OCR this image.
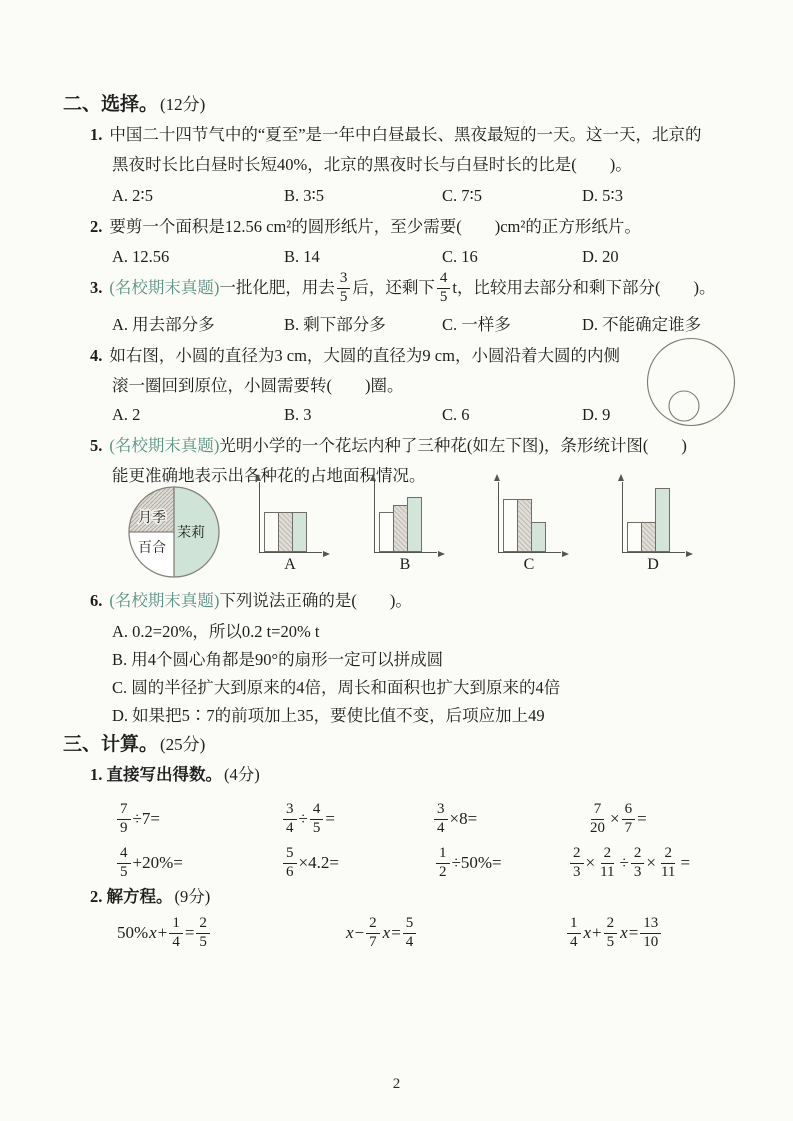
二、选择。 (12分)
1. 中国二十四节气中的“夏至”是一年中白昼最长、黑夜最短的一天。这一天，北京的
黑夜时长比白昼时长短40%，北京的黑夜时长与白昼时长的比是(　　)。
A. 2∶5	B. 3∶5	C. 7∶5	D. 5∶3
2. 要剪一个面积是12.56 cm²的圆形纸片，至少需要(　　)cm²的正方形纸片。
A. 12.56	B. 14	C. 16	D. 20
3. (名校期末真题) 一批化肥，用去 $\frac{3}{5}$ 后，还剩下 $\frac{4}{5}$ t，比较用去部分和剩下部分(　　)。
A. 用去部分多	B. 剩下部分多	C. 一样多	D. 不能确定谁多
4. 如右图，小圆的直径为3 cm，大圆的直径为9 cm，小圆沿着大圆的内侧
滚一圈回到原位，小圆需要转(　　)圈。
A. 2	B. 3	C. 6	D. 9
5. (名校期末真题) 光明小学的一个花坛内种了三种花(如左下图)，条形统计图(　　)
能更准确地表示出各种花的占地面积情况。
月季
百合
茉莉
A	B	C	D
6. (名校期末真题) 下列说法正确的是(　　)。
A. 0.2=20%，所以0.2 t=20% t
B. 用4个圆心角都是90°的扇形一定可以拼成圆
C. 圆的半径扩大到原来的4倍，周长和面积也扩大到原来的4倍
D. 如果把5∶7的前项加上35，要使比值不变，后项应加上49
三、计算。 (25分)
1. 直接写出得数。 (4分)
$\frac{7}{9} \div 7=$	$\frac{3}{4} \div \frac{4}{5}$ =	$\frac{3}{4} \times 8=$	$\frac{7}{20} \times \frac{6}{7}$ =
$\frac{4}{5} +20\%=$	$\frac{5}{6} \times 4.2=$	$\frac{1}{2} \div 50\%=$	$\frac{2}{3} \times \frac{2}{11} \div \frac{2}{3} \times \frac{2}{11}$ =
2. 解方程。 (9分)
50% $x + \frac{1}{4} = \frac{2}{5}$	$x - \frac{2}{7}$ $x = \frac{5}{4}$	$\frac{1}{4}$ $x + \frac{2}{5}$ $x = \frac{13}{10}$
2
